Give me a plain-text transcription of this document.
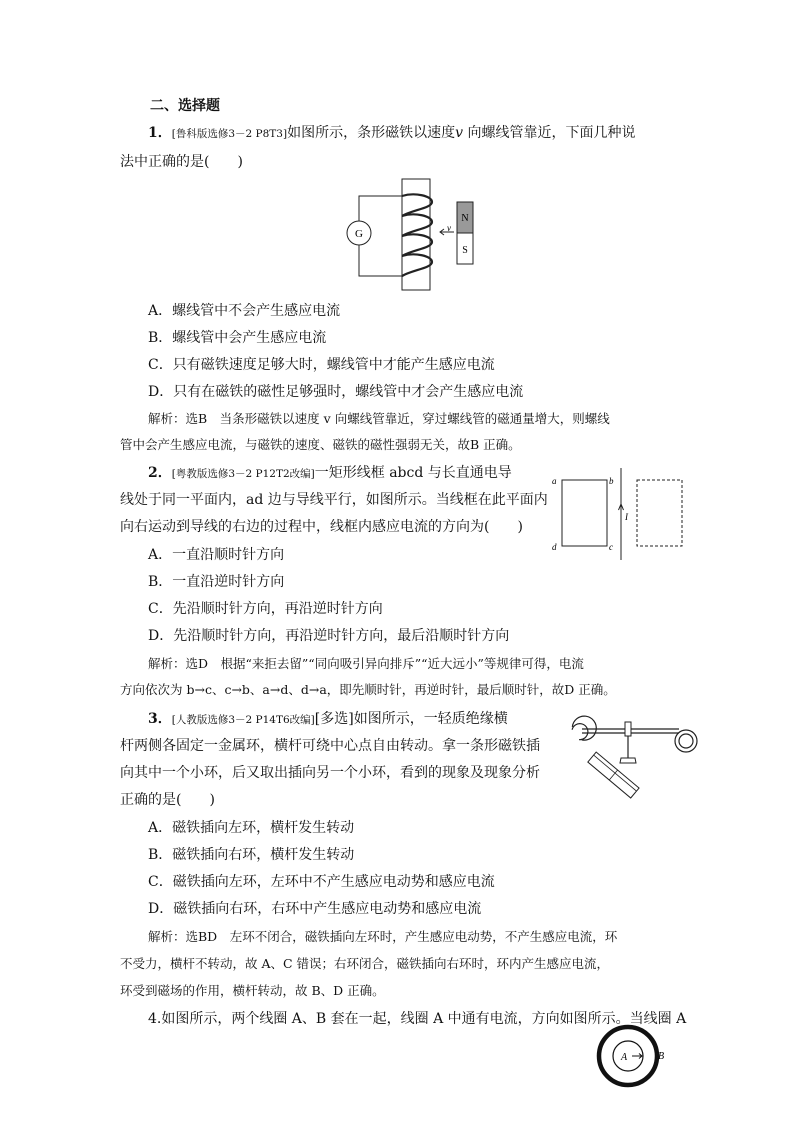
二、选择题
1．[鲁科版选修3－2 P8T3]如图所示，条形磁铁以速度v 向螺线管靠近，下面几种说
法中正确的是(　　)
G	v
N
S
A．螺线管中不会产生感应电流
B．螺线管中会产生感应电流
C．只有磁铁速度足够大时，螺线管中才能产生感应电流
D．只有在磁铁的磁性足够强时，螺线管中才会产生感应电流
解析：选B　当条形磁铁以速度 v 向螺线管靠近，穿过螺线管的磁通量增大，则螺线
管中会产生感应电流，与磁铁的速度、磁铁的磁性强弱无关，故B 正确。
2．[粤教版选修3－2 P12T2改编]一矩形线框 abcd 与长直通电导
线处于同一平面内，ad 边与导线平行，如图所示。当线框在此平面内
向右运动到导线的右边的过程中，线框内感应电流的方向为(　　)
a	b
c
d
I
A．一直沿顺时针方向
B．一直沿逆时针方向
C．先沿顺时针方向，再沿逆时针方向
D．先沿顺时针方向，再沿逆时针方向，最后沿顺时针方向
解析：选D　根据“来拒去留”“同向吸引异向排斥”“近大远小”等规律可得，电流
方向依次为 b→c、c→b、a→d、d→a，即先顺时针，再逆时针，最后顺时针，故D 正确。
3．[人教版选修3－2 P14T6改编][多选]如图所示，一轻质绝缘横
杆两侧各固定一金属环，横杆可绕中心点自由转动。拿一条形磁铁插
向其中一个小环，后又取出插向另一个小环，看到的现象及现象分析
正确的是(　　)
A．磁铁插向左环，横杆发生转动
B．磁铁插向右环，横杆发生转动
C．磁铁插向左环，左环中不产生感应电动势和感应电流
D．磁铁插向右环，右环中产生感应电动势和感应电流
解析：选BD　左环不闭合，磁铁插向左环时，产生感应电动势，不产生感应电流，环
不受力，横杆不转动，故 A、C 错误；右环闭合，磁铁插向右环时，环内产生感应电流，
环受到磁场的作用，横杆转动，故 B、D 正确。
4.如图所示，两个线圈 A、B 套在一起，线圈 A 中通有电流，方向如图所示。当线圈 A
A	B
